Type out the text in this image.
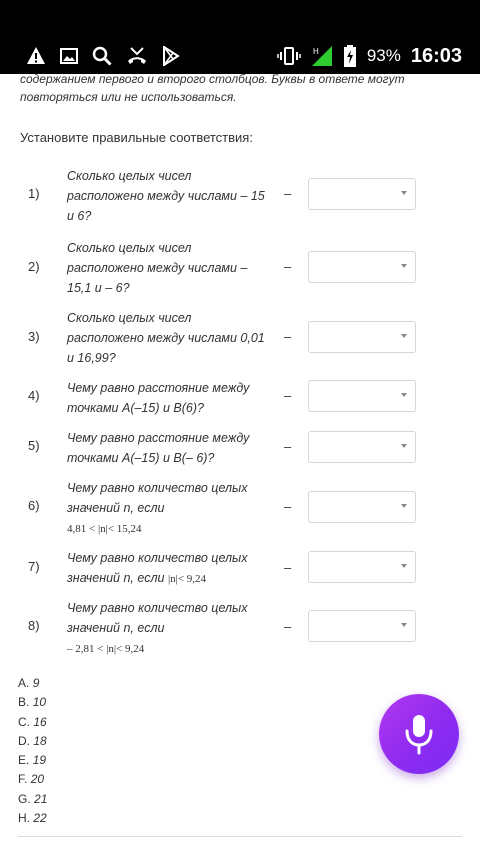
H	93% 16:03
содержанием первого и второго столбцов. Буквы в ответе могут повторяться или не использоваться.
Установите правильные соответствия:
1)
Сколько целых чисел расположено между числами – 15 и 6?
–
2)
Сколько целых чисел расположено между числами – 15,1 и – 6?
–
3)
Сколько целых чисел расположено между числами 0,01 и 16,99?
–
4) Чему равно расстояние между точками A(–15) и B(6)?
–
5) Чему равно расстояние между точками A(–15) и B(– 6)?
–
6)
Чему равно количество целых значений n, если
4,81 < |n|< 15,24
–
7)
Чему равно количество целых значений n, если |n|< 9,24
–
8)
Чему равно количество целых значений n, если
– 2,81 < |n|< 9,24
–
A. 9
B. 10
C. 16
D. 18
E. 19
F. 20
G. 21
H. 22
